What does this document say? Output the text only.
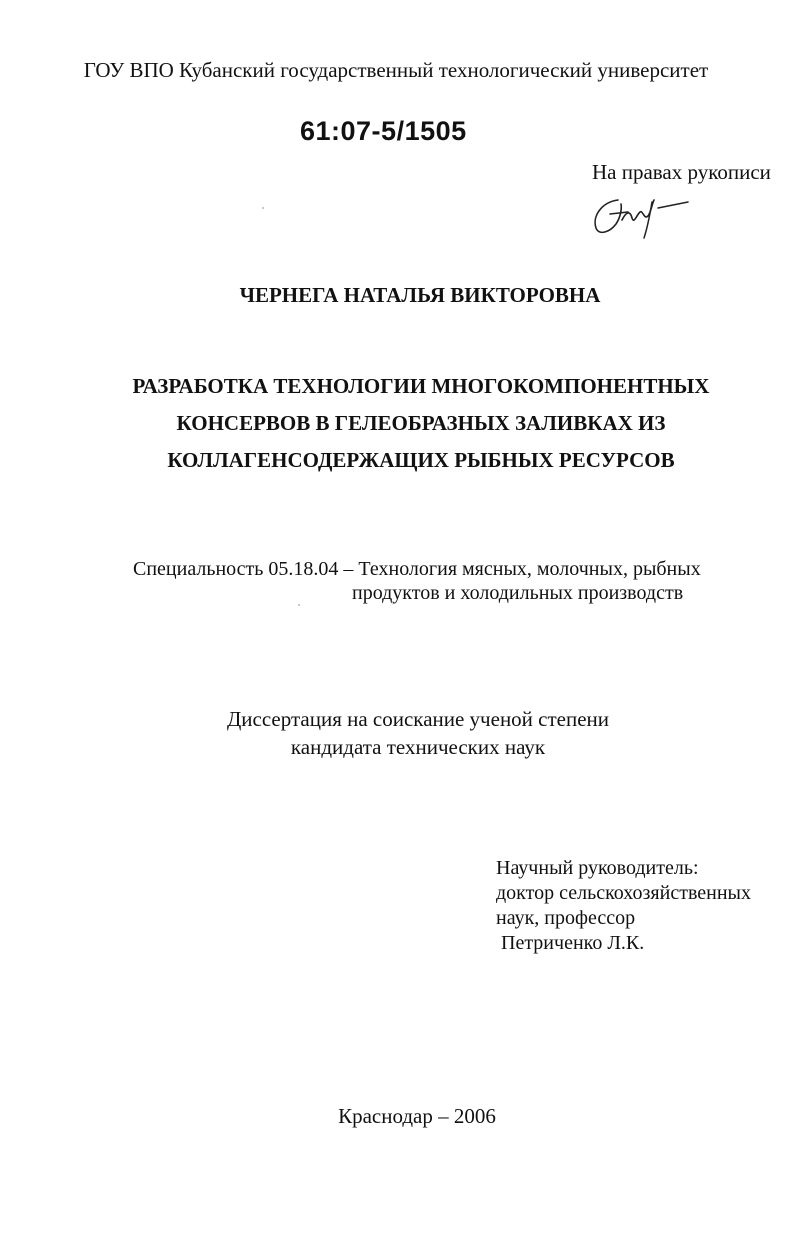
ГОУ ВПО Кубанский государственный технологический университет
61:07-5/1505
На правах рукописи
ЧЕРНЕГА НАТАЛЬЯ ВИКТОРОВНА
РАЗРАБОТКА ТЕХНОЛОГИИ МНОГОКОМПОНЕНТНЫХ
КОНСЕРВОВ В ГЕЛЕОБРАЗНЫХ ЗАЛИВКАХ ИЗ
КОЛЛАГЕНСОДЕРЖАЩИХ РЫБНЫХ РЕСУРСОВ
Специальность 05.18.04 – Технология мясных, молочных, рыбных
продуктов и холодильных производств
Диссертация на соискание ученой степени
кандидата технических наук
Научный руководитель:
доктор сельскохозяйственных
наук, профессор
Петриченко Л.К.
Краснодар – 2006
